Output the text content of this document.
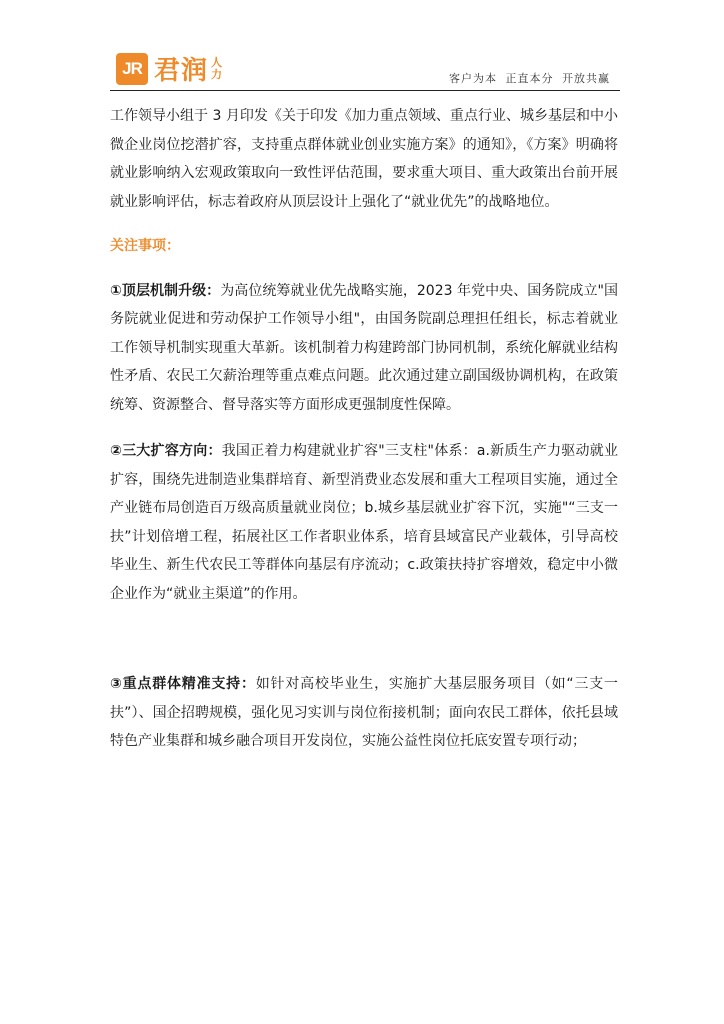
JR 君润 人力	客户为本 正直本分 开放共赢

工作领导小组于 3 月印发《关于印发《加力重点领域、重点行业、城乡基层和中小微企业岗位挖潜扩容，支持重点群体就业创业实施方案》的通知》，《方案》明确将就业影响纳入宏观政策取向一致性评估范围，要求重大项目、重大政策出台前开展就业影响评估，标志着政府从顶层设计上强化了“就业优先”的战略地位。

关注事项：

①顶层机制升级：为高位统筹就业优先战略实施，2023 年党中央、国务院成立"国务院就业促进和劳动保护工作领导小组"，由国务院副总理担任组长，标志着就业工作领导机制实现重大革新。该机制着力构建跨部门协同机制，系统化解就业结构性矛盾、农民工欠薪治理等重点难点问题。此次通过建立副国级协调机构，在政策统筹、资源整合、督导落实等方面形成更强制度性保障。

②三大扩容方向：我国正着力构建就业扩容"三支柱"体系：a.新质生产力驱动就业扩容，围绕先进制造业集群培育、新型消费业态发展和重大工程项目实施，通过全产业链布局创造百万级高质量就业岗位；b.城乡基层就业扩容下沉，实施"“三支一扶”计划倍增工程，拓展社区工作者职业体系，培育县域富民产业载体，引导高校毕业生、新生代农民工等群体向基层有序流动；c.政策扶持扩容增效，稳定中小微企业作为“就业主渠道”的作用。

③重点群体精准支持：如针对高校毕业生，实施扩大基层服务项目（如“三支一扶”）、国企招聘规模，强化见习实训与岗位衔接机制；面向农民工群体，依托县域特色产业集群和城乡融合项目开发岗位，实施公益性岗位托底安置专项行动；
